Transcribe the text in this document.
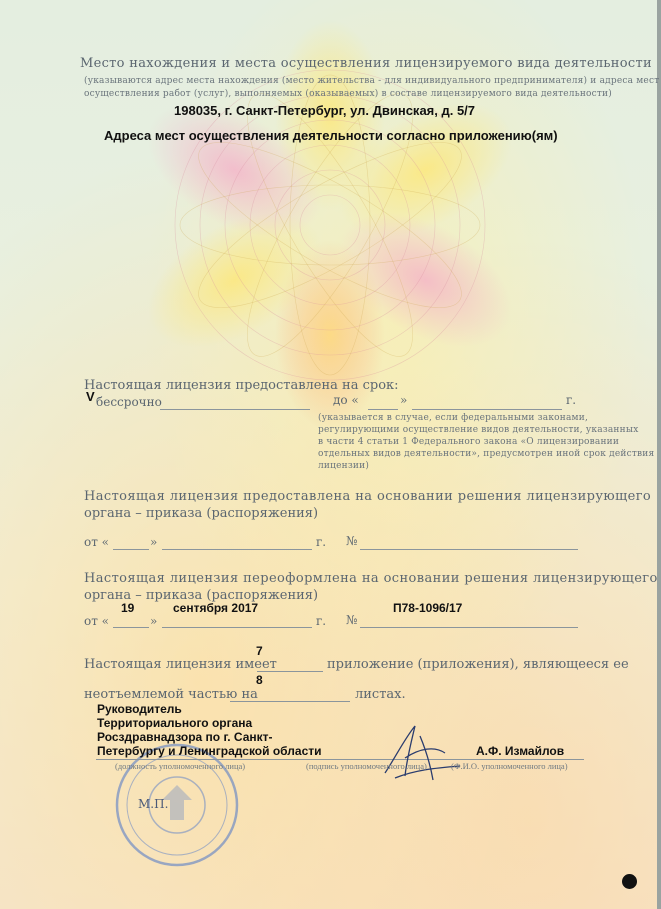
Место нахождения и места осуществления лицензируемого вида деятельности
(указываются адрес места нахождения (место жительства - для индивидуального предпринимателя) и адреса мест
осуществления работ (услуг), выполняемых (оказываемых) в составе лицензируемого вида деятельности)
198035, г. Санкт-Петербург, ул. Двинская, д. 5/7
Адреса мест осуществления деятельности согласно приложению(ям)
Настоящая лицензия предоставлена на срок:
V бессрочно	до «	»	г.
(указывается в случае, если федеральными законами,
регулирующими осуществление видов деятельности, указанных
в части 4 статьи 1 Федерального закона «О лицензировании
отдельных видов деятельности», предусмотрен иной срок действия
лицензии)
Настоящая лицензия предоставлена на основании решения лицензирующего
органа – приказа (распоряжения)
от «	»	г. №
Настоящая лицензия переоформлена на основании решения лицензирующего
органа – приказа (распоряжения)
19	сентября 2017	П78-1096/17
от «	»	г. №
7
Настоящая лицензия имеет	приложение (приложения), являющееся ее
8
неотъемлемой частью на	листах.
Руководитель
Территориального органа
Росздравнадзора по г. Санкт-
Петербургу и Ленинградской области	А.Ф. Измайлов
(должность уполномоченного лица)	(подпись уполномоченного лица)	(Ф.И.О. уполномоченного лица)
М.П.
